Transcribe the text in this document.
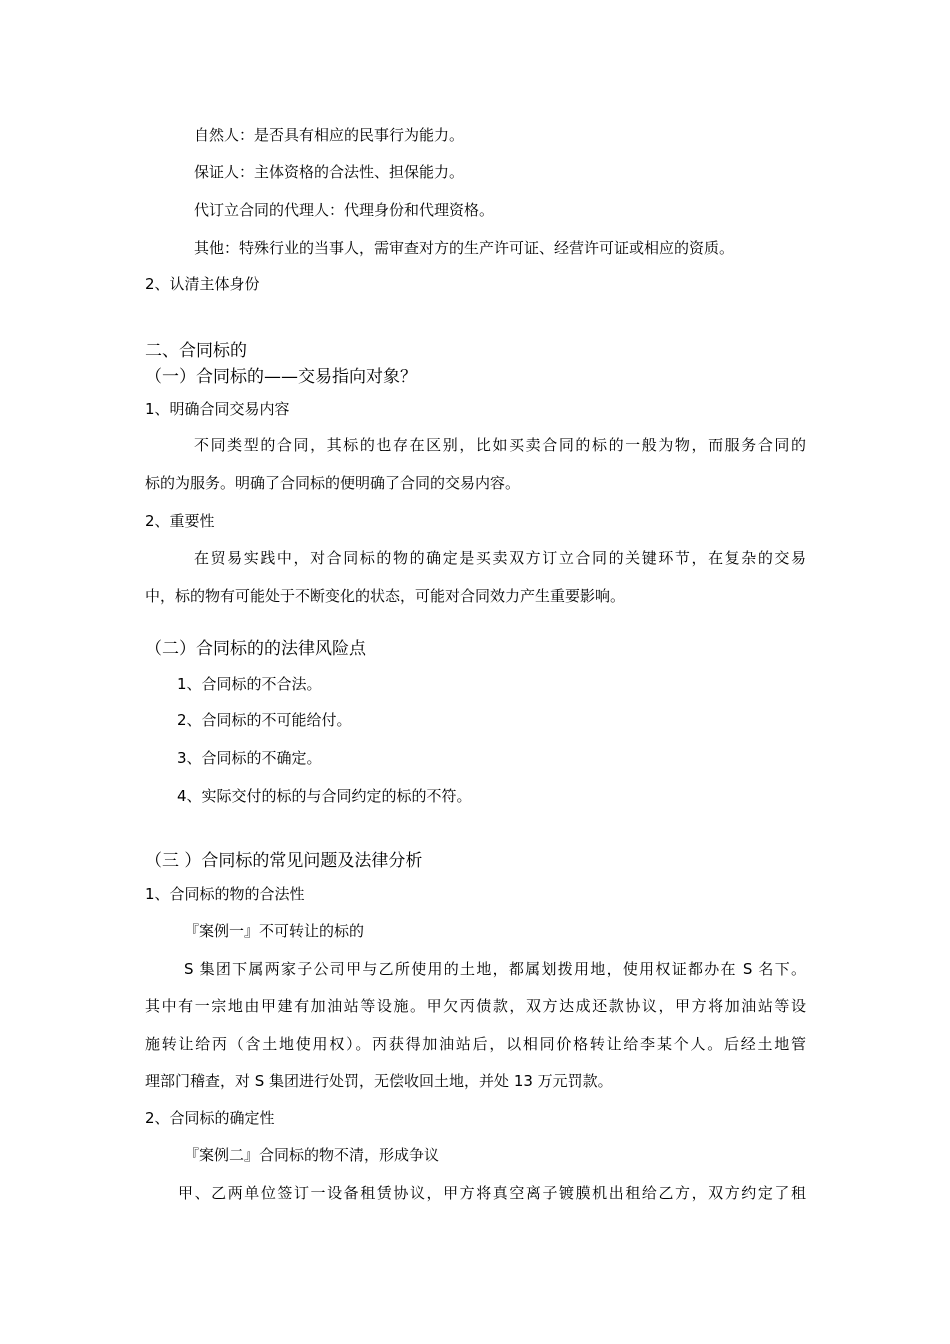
自然人：是否具有相应的民事行为能力。
保证人：主体资格的合法性、担保能力。
代订立合同的代理人：代理身份和代理资格。
其他：特殊行业的当事人，需审查对方的生产许可证、经营许可证或相应的资质。
2、认清主体身份
二、合同标的
（一）合同标的——交易指向对象？
1、明确合同交易内容
不同类型的合同，其标的也存在区别，比如买卖合同的标的一般为物，而服务合同的
标的为服务。明确了合同标的便明确了合同的交易内容。
2、重要性
在贸易实践中，对合同标的物的确定是买卖双方订立合同的关键环节，在复杂的交易
中，标的物有可能处于不断变化的状态，可能对合同效力产生重要影响。
（二）合同标的的法律风险点
1、合同标的不合法。
2、合同标的不可能给付。
3、合同标的不确定。
4、实际交付的标的与合同约定的标的不符。
（三 ）合同标的常见问题及法律分析
1、合同标的物的合法性
『案例一』不可转让的标的
S 集团下属两家子公司甲与乙所使用的土地，都属划拨用地，使用权证都办在 S 名下。
其中有一宗地由甲建有加油站等设施。甲欠丙债款，双方达成还款协议，甲方将加油站等设
施转让给丙（含土地使用权）。丙获得加油站后，以相同价格转让给李某个人。后经土地管
理部门稽查，对 S 集团进行处罚，无偿收回土地，并处 13 万元罚款。
2、合同标的确定性
『案例二』合同标的物不清，形成争议
甲、乙两单位签订一设备租赁协议，甲方将真空离子镀膜机出租给乙方，双方约定了租
